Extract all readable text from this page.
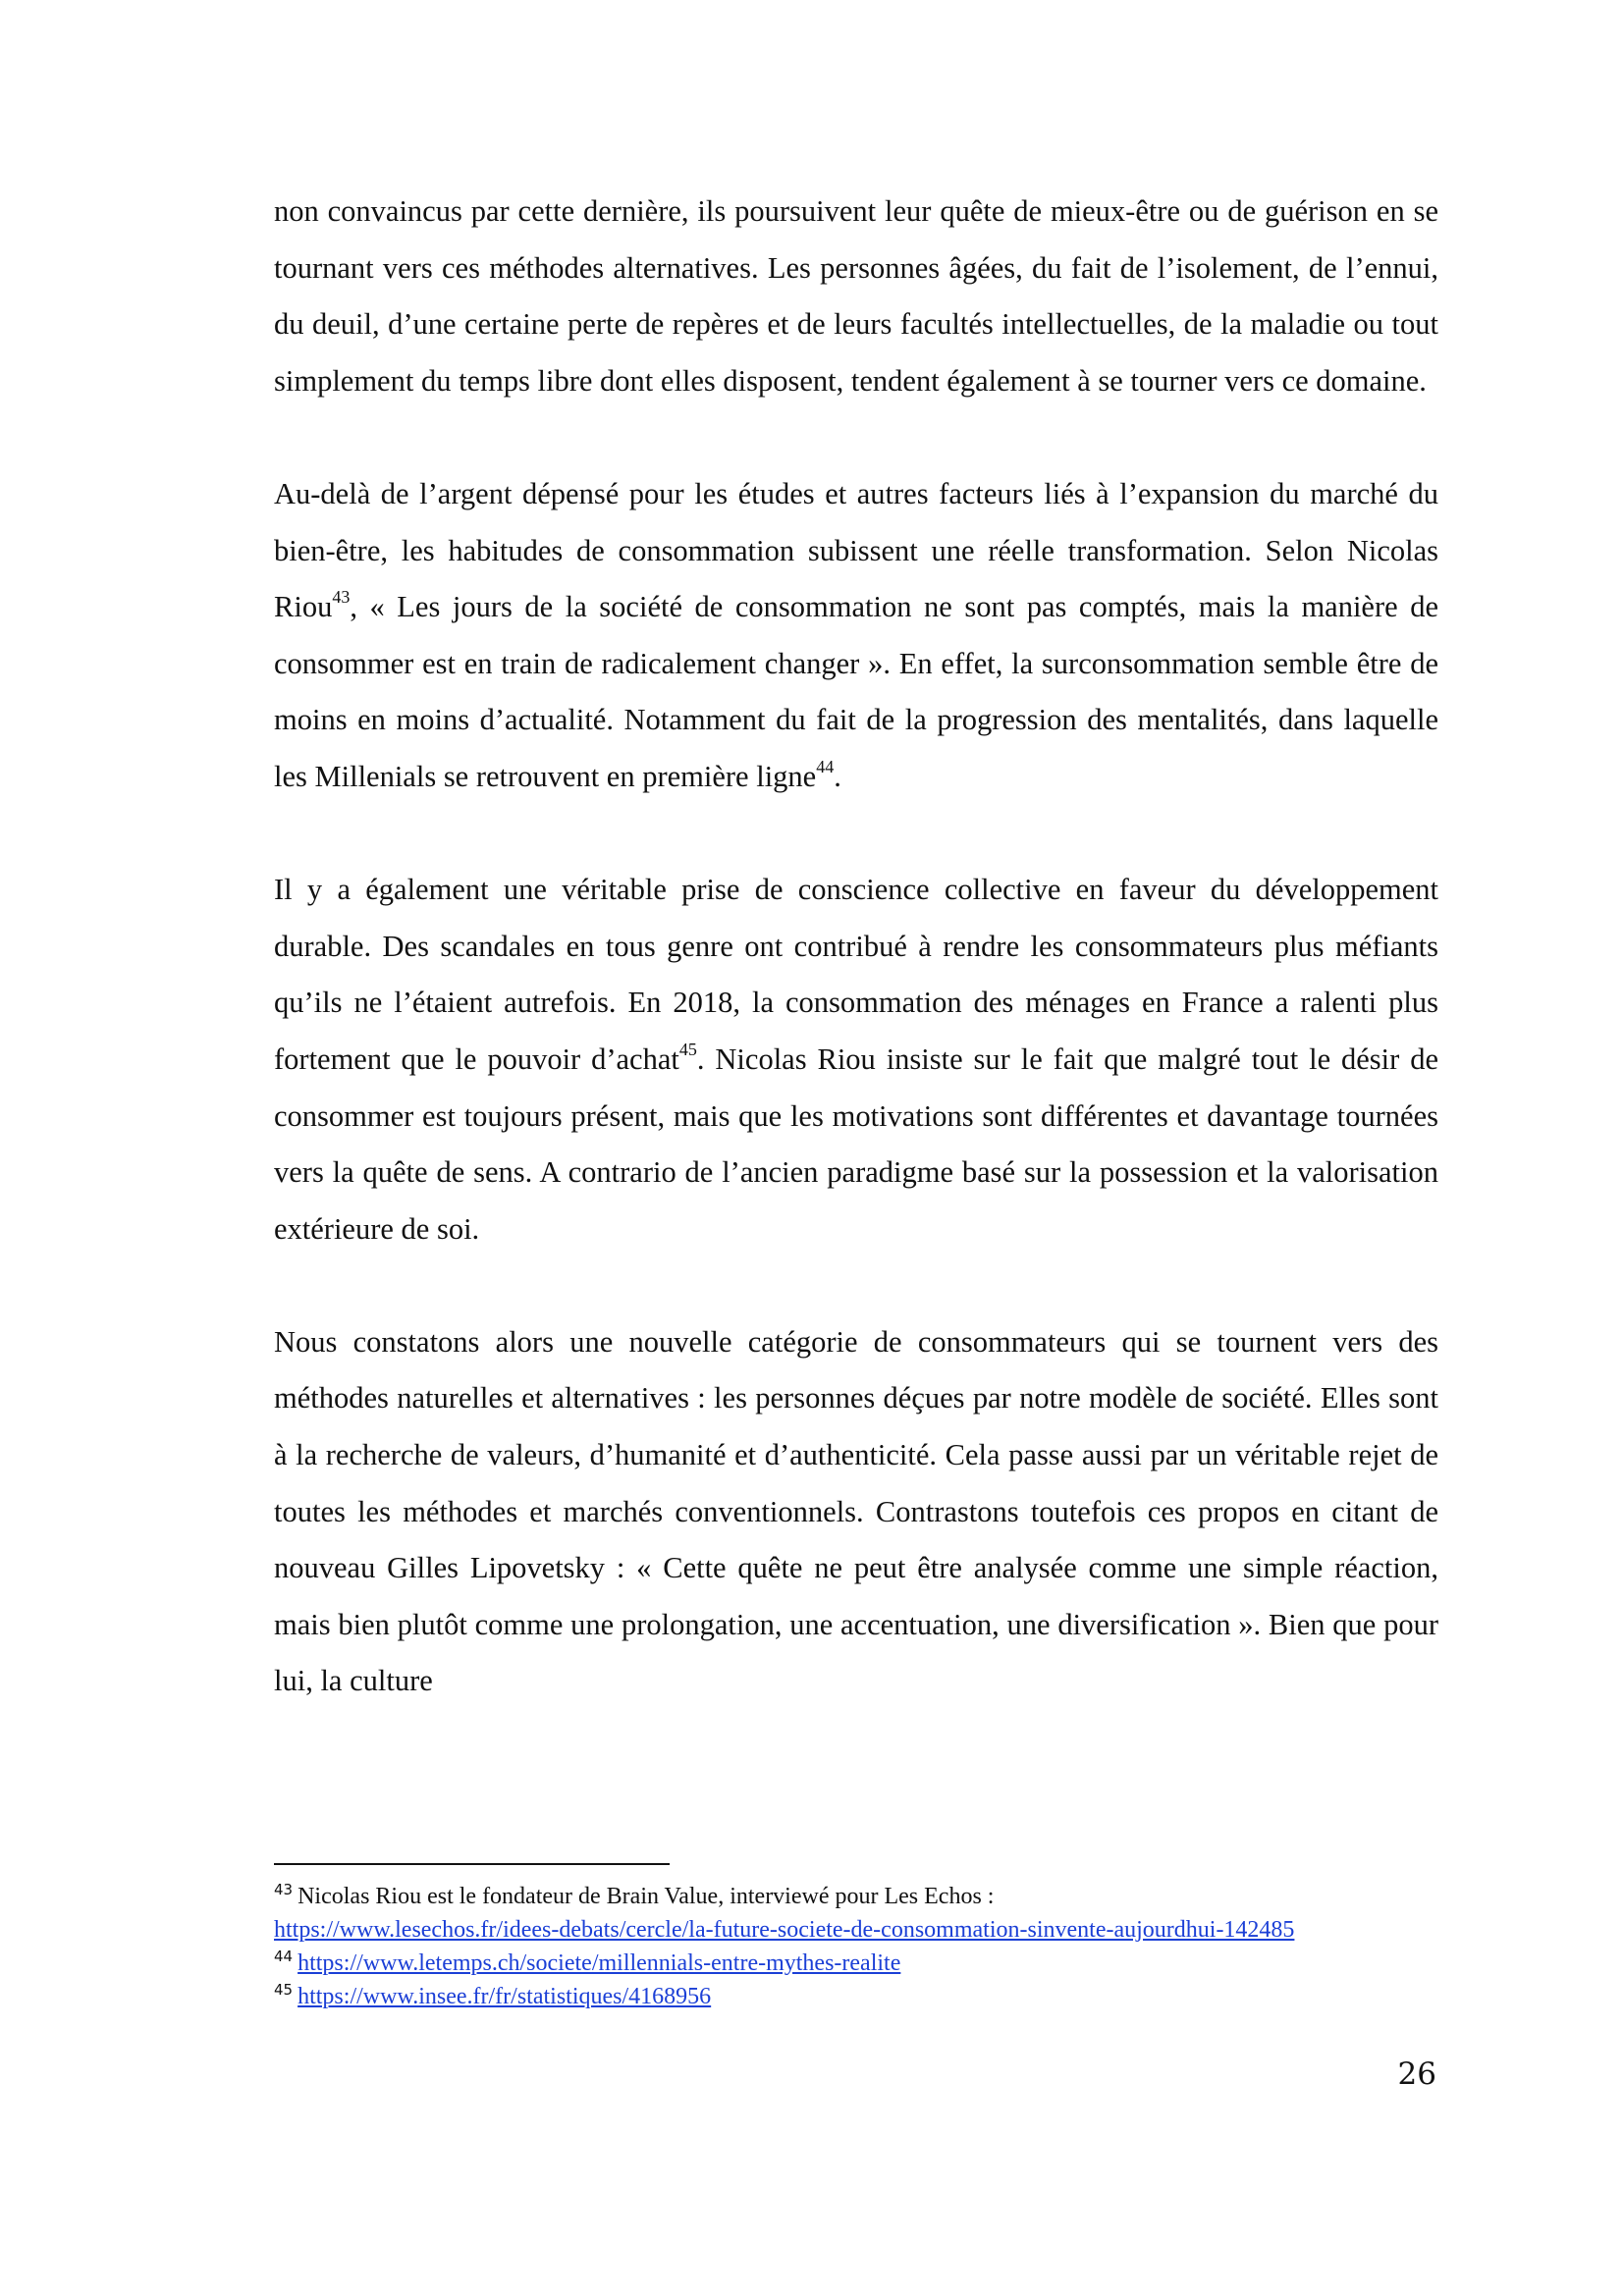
non convaincus par cette dernière, ils poursuivent leur quête de mieux-être ou de guérison en se tournant vers ces méthodes alternatives. Les personnes âgées, du fait de l’isolement, de l’ennui, du deuil, d’une certaine perte de repères et de leurs facultés intellectuelles, de la maladie ou tout simplement du temps libre dont elles disposent, tendent également à se tourner vers ce domaine.

Au-delà de l’argent dépensé pour les études et autres facteurs liés à l’expansion du marché du bien-être, les habitudes de consommation subissent une réelle transformation. Selon Nicolas Riou$^{43}$, « Les jours de la société de consommation ne sont pas comptés, mais la manière de consommer est en train de radicalement changer ». En effet, la surconsommation semble être de moins en moins d’actualité. Notamment du fait de la progression des mentalités, dans laquelle les Millenials se retrouvent en première ligne$^{44}$.

Il y a également une véritable prise de conscience collective en faveur du développement durable. Des scandales en tous genre ont contribué à rendre les consommateurs plus méfiants qu’ils ne l’étaient autrefois. En 2018, la consommation des ménages en France a ralenti plus fortement que le pouvoir d’achat$^{45}$. Nicolas Riou insiste sur le fait que malgré tout le désir de consommer est toujours présent, mais que les motivations sont différentes et davantage tournées vers la quête de sens. A contrario de l’ancien paradigme basé sur la possession et la valorisation extérieure de soi.

Nous constatons alors une nouvelle catégorie de consommateurs qui se tournent vers des méthodes naturelles et alternatives : les personnes déçues par notre modèle de société. Elles sont à la recherche de valeurs, d’humanité et d’authenticité. Cela passe aussi par un véritable rejet de toutes les méthodes et marchés conventionnels. Contrastons toutefois ces propos en citant de nouveau Gilles Lipovetsky : « Cette quête ne peut être analysée comme une simple réaction, mais bien plutôt comme une prolongation, une accentuation, une diversification ». Bien que pour lui, la culture

$^{43}$ Nicolas Riou est le fondateur de Brain Value, interviewé pour Les Echos :
https://www.lesechos.fr/idees-debats/cercle/la-future-societe-de-consommation-sinvente-aujourdhui-142485

$^{44}$ https://www.letemps.ch/societe/millennials-entre-mythes-realite

$^{45}$ https://www.insee.fr/fr/statistiques/4168956

26
